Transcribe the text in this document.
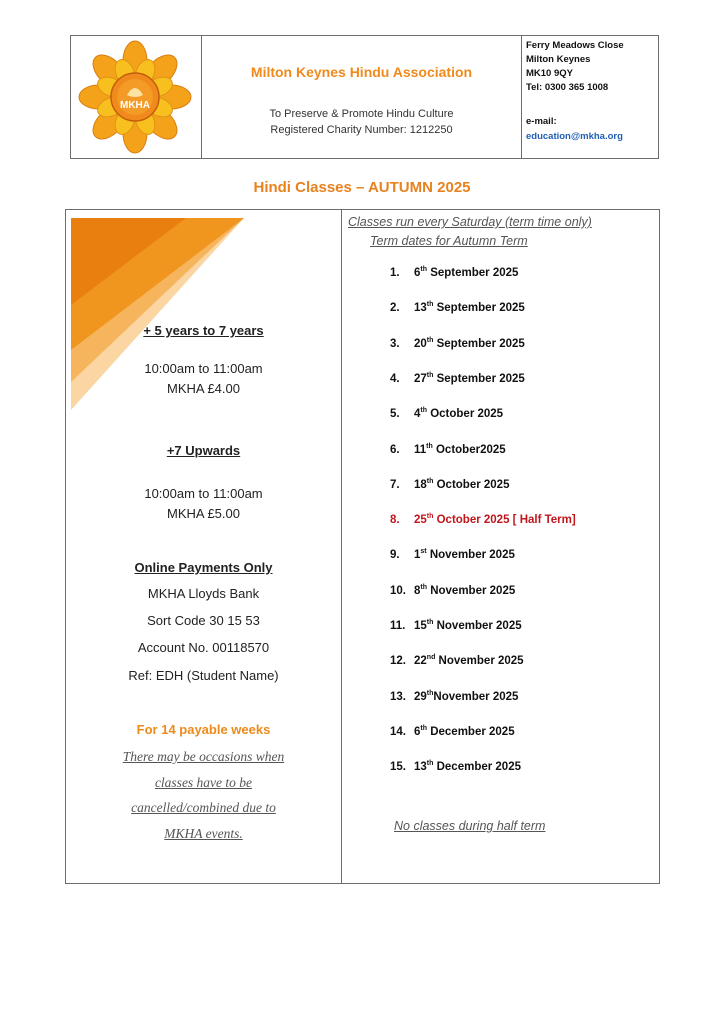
MKHA
Milton Keynes Hindu Association
To Preserve & Promote Hindu Culture
Registered Charity Number: 1212250
Ferry Meadows Close
Milton Keynes
MK10 9QY
Tel: 0300 365 1008
e-mail:
education@mkha.org
Hindi Classes – AUTUMN 2025
+ 5 years to 7 years
10:00am to 11:00am
MKHA £4.00
+7 Upwards
10:00am to 11:00am
MKHA £5.00
Online Payments Only
MKHA Lloyds Bank
Sort Code 30 15 53
Account No. 00118570
Ref: EDH (Student Name)
For 14 payable weeks
There may be occasions when
classes have to be
cancelled/combined due to
MKHA events.
Classes run every Saturday (term time only)
Term dates for Autumn Term
1. 6th September 2025
2. 13th September 2025
3. 20th September 2025
4. 27th September 2025
5. 4th October 2025
6. 11th October2025
7. 18th October 2025
8. 25th October 2025 [ Half Term]
9. 1st November 2025
10. 8th November 2025
11. 15th November 2025
12. 22nd November 2025
13. 29thNovember 2025
14. 6th December 2025
15. 13th December 2025
No classes during half term
